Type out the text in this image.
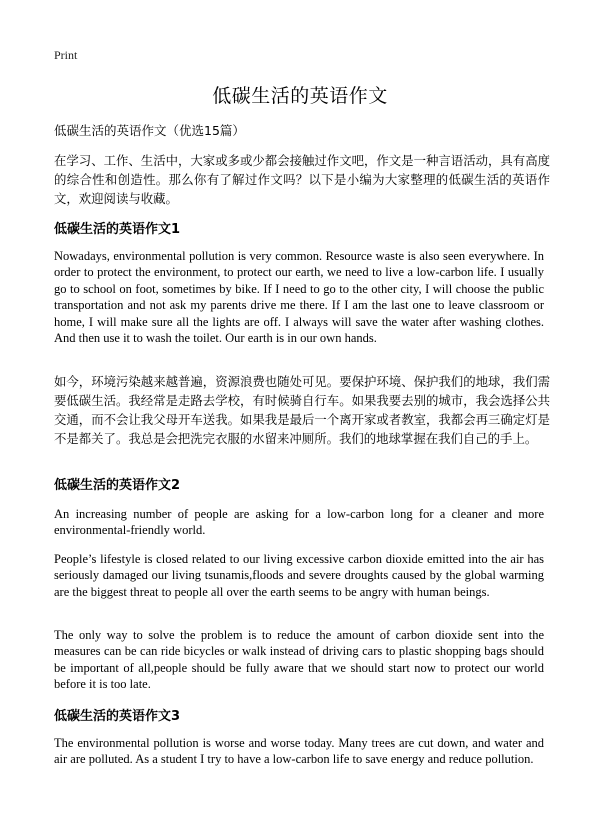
Print
低碳生活的英语作文
低碳生活的英语作文（优选15篇）

在学习、工作、生活中，大家或多或少都会接触过作文吧，作文是一种言语活动，具有高度的综合性和创造性。那么你有了解过作文吗？以下是小编为大家整理的低碳生活的英语作文，欢迎阅读与收藏。

低碳生活的英语作文1

Nowadays, environmental pollution is very common. Resource waste is also seen everywhere. In order to protect the environment, to protect our earth, we need to live a low-carbon life. I usually go to school on foot, sometimes by bike. If I need to go to the other city, I will choose the public transportation and not ask my parents drive me there. If I am the last one to leave classroom or home, I will make sure all the lights are off. I always will save the water after washing clothes. And then use it to wash the toilet. Our earth is in our own hands.

如今，环境污染越来越普遍，资源浪费也随处可见。要保护环境、保护我们的地球，我们需要低碳生活。我经常是走路去学校，有时候骑自行车。如果我要去别的城市，我会选择公共交通，而不会让我父母开车送我。如果我是最后一个离开家或者教室，我都会再三确定灯是不是都关了。我总是会把洗完衣服的水留来冲厕所。我们的地球掌握在我们自己的手上。

低碳生活的英语作文2

An increasing number of people are asking for a low-carbon long for a cleaner and more environmental-friendly world.

People’s lifestyle is closed related to our living excessive carbon dioxide emitted into the air has seriously damaged our living tsunamis,floods and severe droughts caused by the global warming are the biggest threat to people all over the earth seems to be angry with human beings.

The only way to solve the problem is to reduce the amount of carbon dioxide sent into the measures can be can ride bicycles or walk instead of driving cars to plastic shopping bags should be important of all,people should be fully aware that we should start now to protect our world before it is too late.

低碳生活的英语作文3

The environmental pollution is worse and worse today. Many trees are cut down, and water and air are polluted. As a student I try to have a low-carbon life to save energy and reduce pollution.
